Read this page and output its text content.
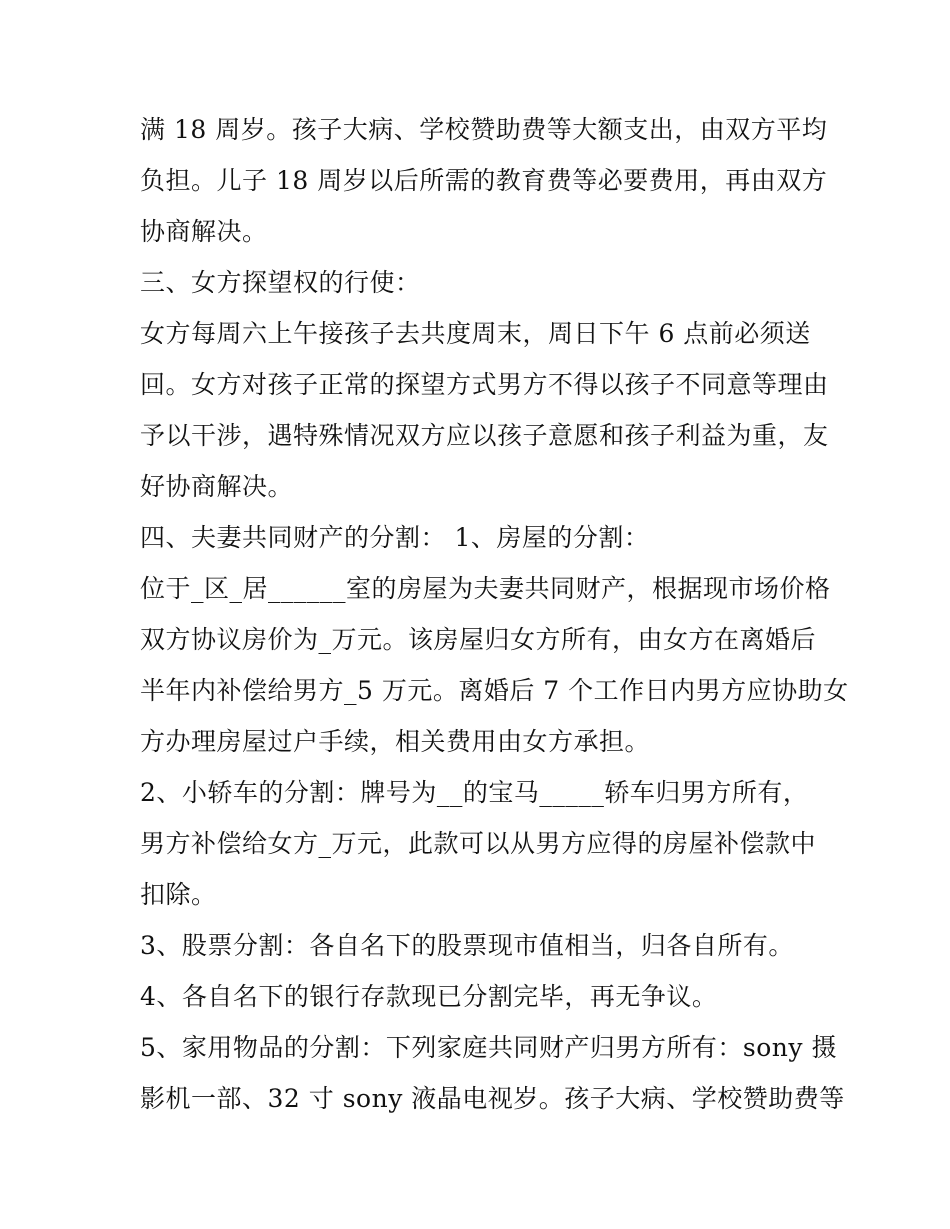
满 18 周岁。孩子大病、学校赞助费等大额支出，由双方平均
负担。儿子 18 周岁以后所需的教育费等必要费用，再由双方
协商解决。
三、女方探望权的行使：
女方每周六上午接孩子去共度周末，周日下午 6 点前必须送
回。女方对孩子正常的探望方式男方不得以孩子不同意等理由
予以干涉，遇特殊情况双方应以孩子意愿和孩子利益为重，友
好协商解决。
四、夫妻共同财产的分割： 1、房屋的分割：
位于_区_居______室的房屋为夫妻共同财产，根据现市场价格
双方协议房价为_万元。该房屋归女方所有，由女方在离婚后
半年内补偿给男方_5 万元。离婚后 7 个工作日内男方应协助女
方办理房屋过户手续，相关费用由女方承担。
2、小轿车的分割：牌号为__的宝马_____轿车归男方所有，
男方补偿给女方_万元，此款可以从男方应得的房屋补偿款中
扣除。
3、股票分割：各自名下的股票现市值相当，归各自所有。
4、各自名下的银行存款现已分割完毕，再无争议。
5、家用物品的分割：下列家庭共同财产归男方所有：sony 摄
影机一部、32 寸 sony 液晶电视岁。孩子大病、学校赞助费等
